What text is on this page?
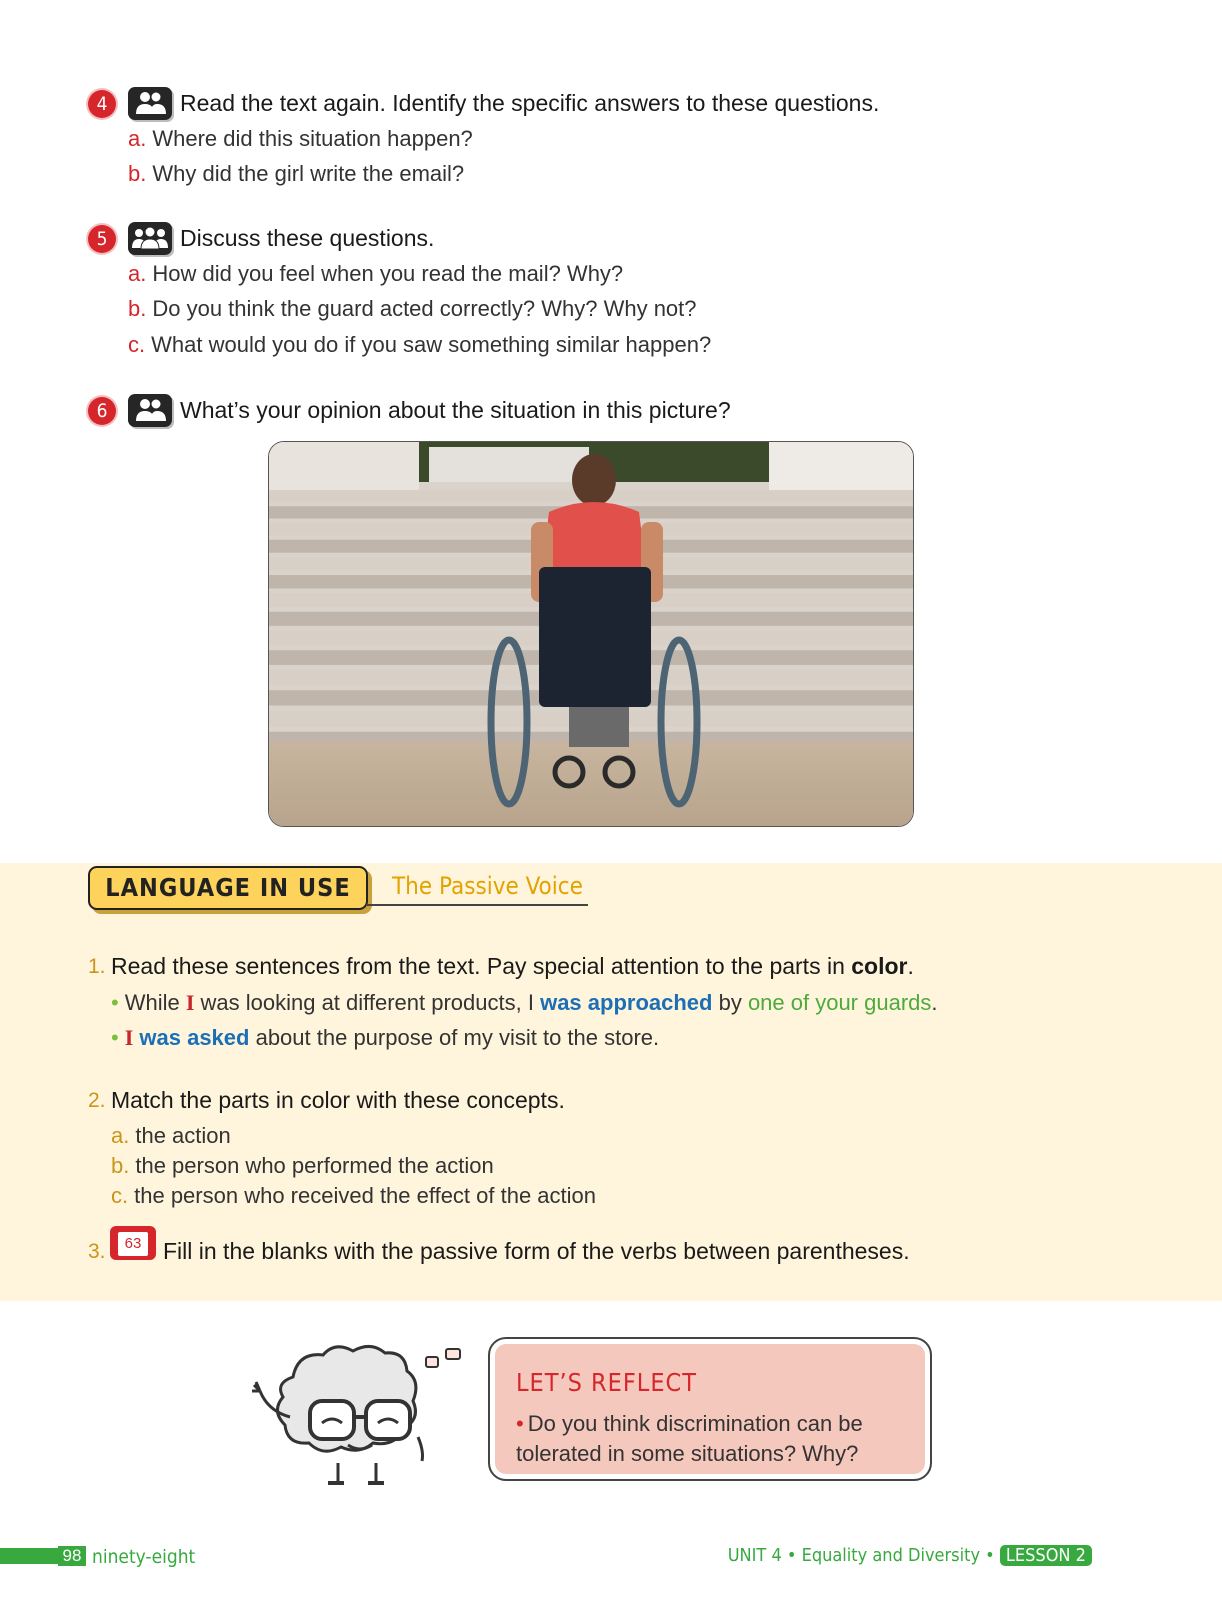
4	Read the text again. Identify the specific answers to these questions.
a. Where did this situation happen?
b. Why did the girl write the email?
5	Discuss these questions.
a. How did you feel when you read the mail? Why?
b. Do you think the guard acted correctly? Why? Why not?
c. What would you do if you saw something similar happen?
6	What’s your opinion about the situation in this picture?
LANGUAGE IN USE	The Passive Voice
1. Read these sentences from the text. Pay special attention to the parts in color.
• While I was looking at different products, I was approached by one of your guards.
• I was asked about the purpose of my visit to the store.
2. Match the parts in color with these concepts.
a. the action
b. the person who performed the action
c. the person who received the effect of the action
3.	63 Fill in the blanks with the passive form of the verbs between parentheses.
LET’S REFLECT
• Do you think discrimination can be tolerated in some situations? Why?
98 ninety-eight	UNIT 4 • Equality and Diversity • LESSON 2
